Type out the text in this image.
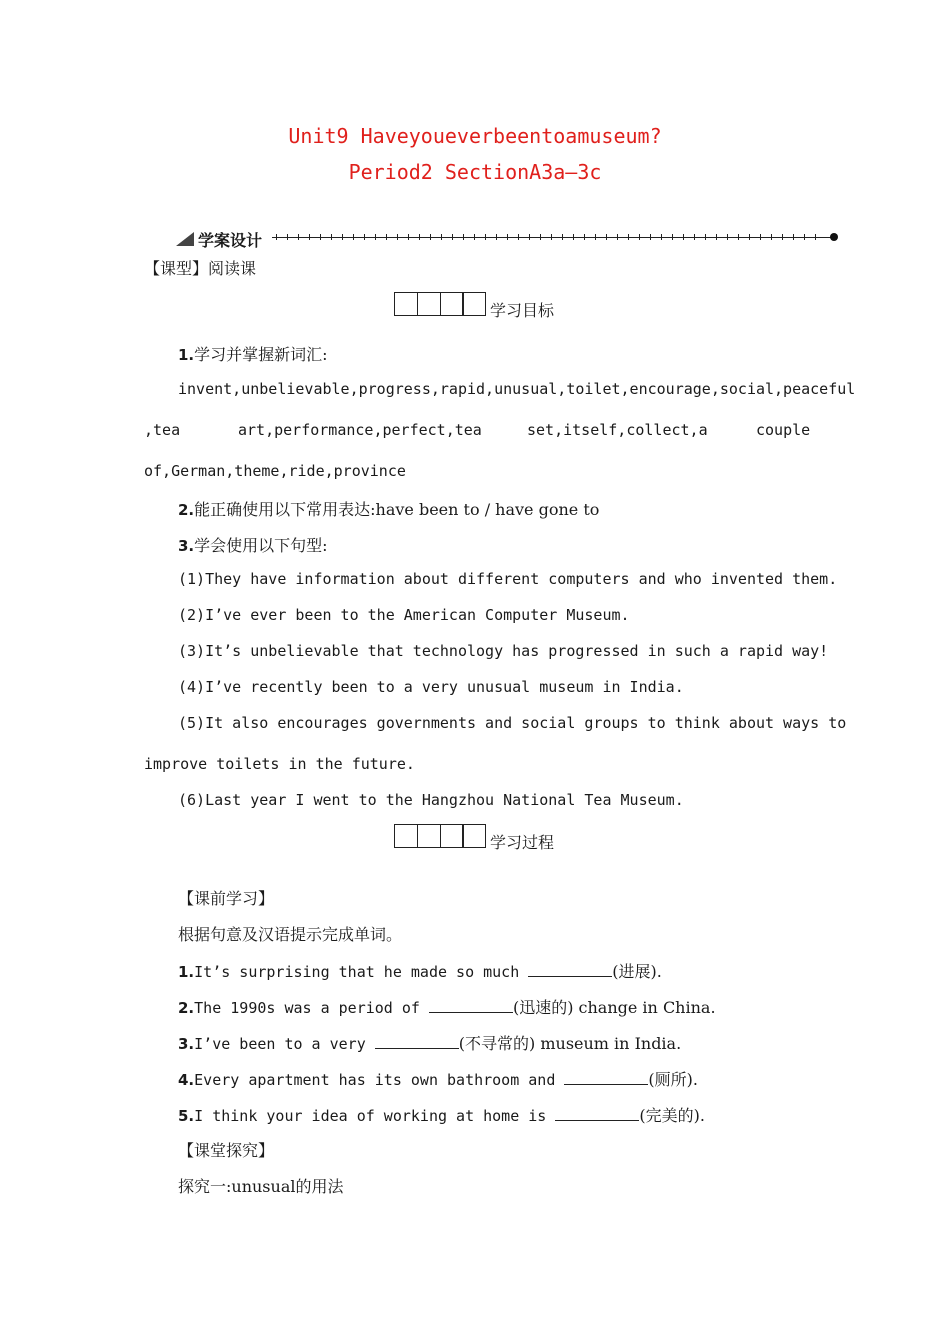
Unit9 Haveyoueverbeentoamuseum?
Period2 SectionA3a—3c
学案设计
【课型】阅读课
学习目标
1.学习并掌握新词汇:
invent,unbelievable,progress,rapid,unusual,toilet,encourage,social,peaceful
,tea	art,performance,perfect,tea	set,itself,collect,a	couple
of,German,theme,ride,province
2.能正确使用以下常用表达:have been to / have gone to
3.学会使用以下句型:
(1)They have information about different computers and who invented them.
(2)I’ve ever been to the American Computer Museum.
(3)It’s unbelievable that technology has progressed in such a rapid way!
(4)I’ve recently been to a very unusual museum in India.
(5)It also encourages governments and social groups to think about ways to
improve toilets in the future.
(6)Last year I went to the Hangzhou National Tea Museum.
学习过程
【课前学习】
根据句意及汉语提示完成单词。
1.It’s surprising that he made so much	(进展).
2.The 1990s was a period of	(迅速的) change in China.
3.I’ve been to a very	(不寻常的) museum in India.
4.Every apartment has its own bathroom and	(厕所).
5.I think your idea of working at home is	(完美的).
【课堂探究】
探究一:unusual的用法
